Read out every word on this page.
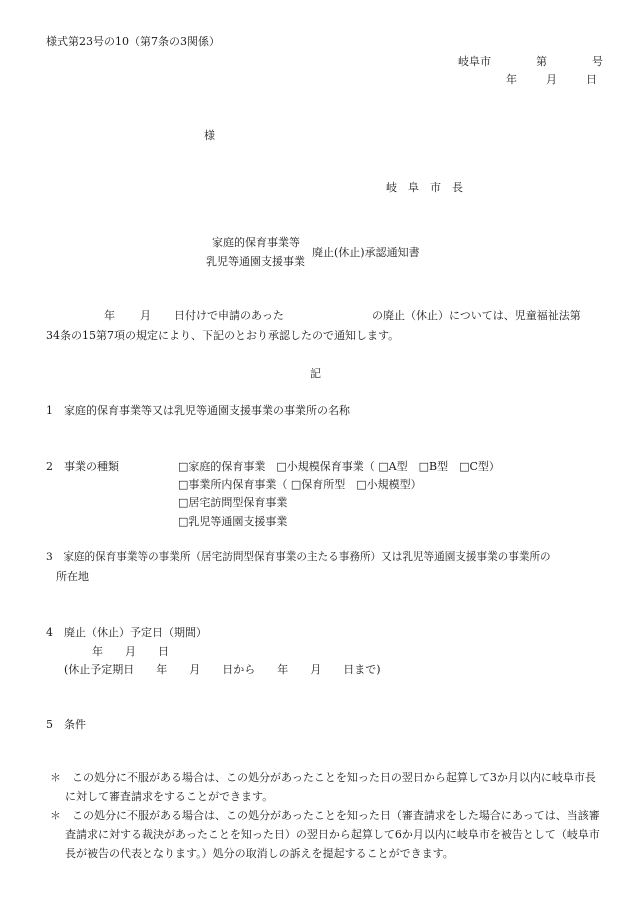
様式第23号の10（第7条の3関係）
岐阜市	第	号
年	月	日
様
岐　阜　市　長
家庭的保育事業等
乳児等通園支援事業
廃止(休止)承認通知書
年 月 日付けで申請のあった	の廃止（休止）については、児童福祉法第
34条の15第7項の規定により、下記のとおり承認したので通知します。
記
1　家庭的保育事業等又は乳児等通園支援事業の事業所の名称
2　事業の種類	□家庭的保育事業　□小規模保育事業（ □A型　□B型　□C型）
□事業所内保育事業（ □保育所型　□小規模型）
□居宅訪問型保育事業
□乳児等通園支援事業
3　家庭的保育事業等の事業所（居宅訪問型保育事業の主たる事務所）又は乳児等通園支援事業の事業所の
所在地
4　廃止（休止）予定日（期間）
年　　月　　日
(休止予定期日　　年　　月　　日から　　年　　月　　日まで)
5　条件
＊　この処分に不服がある場合は、この処分があったことを知った日の翌日から起算して3か月以内に岐阜市長に対して審査請求をすることができます。
＊　この処分に不服がある場合は、この処分があったことを知った日（審査請求をした場合にあっては、当該審査請求に対する裁決があったことを知った日）の翌日から起算して6か月以内に岐阜市を被告として（岐阜市長が被告の代表となります。）処分の取消しの訴えを提起することができます。
